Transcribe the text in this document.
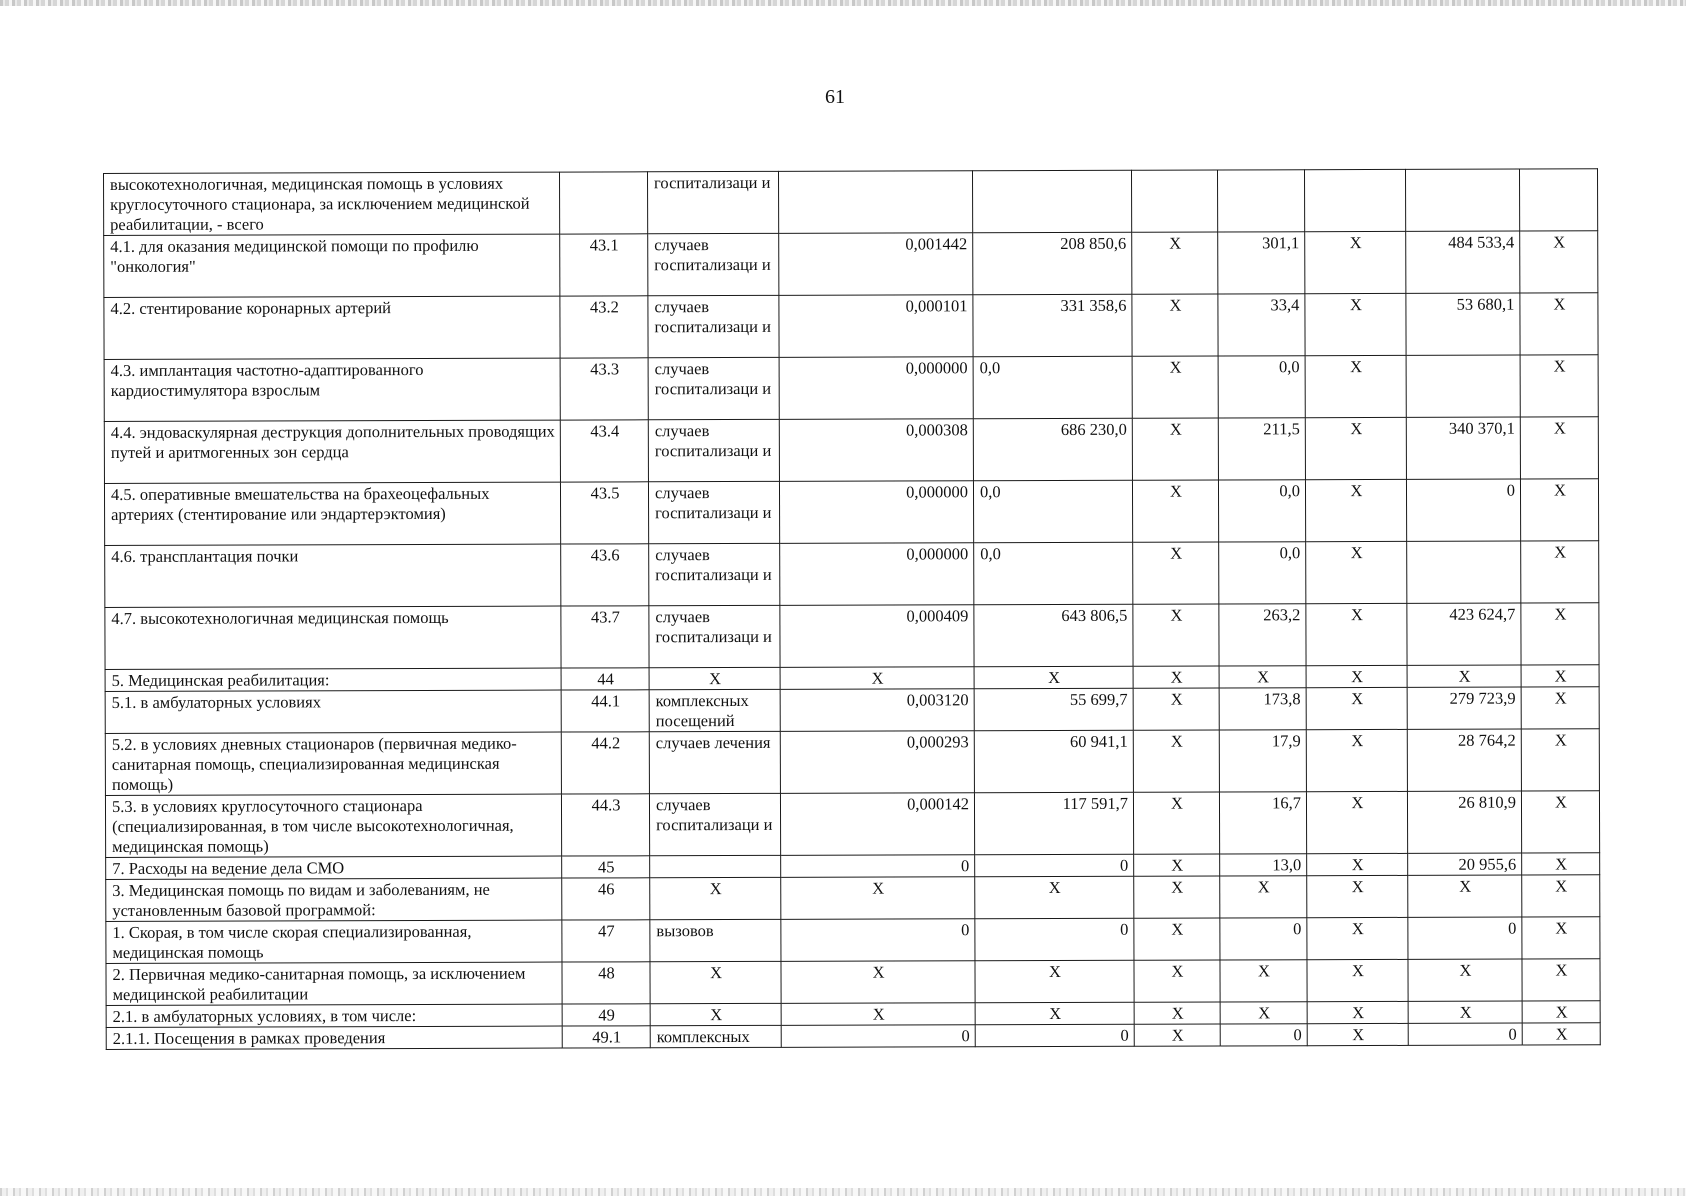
61
высокотехнологичная, медицинская помощь в условиях круглосуточного стационара, за исключением медицинской реабилитации, - всего		госпитализаци и							
4.1. для оказания медицинской помощи по профилю "онкология"	43.1	случаев госпитализаци и	0,001442	208 850,6	X	301,1	X	484 533,4	X
4.2. стентирование коронарных артерий	43.2	случаев госпитализаци и	0,000101	331 358,6	X	33,4	X	53 680,1	X
4.3. имплантация частотно-адаптированного кардиостимулятора взрослым	43.3	случаев госпитализаци и	0,000000	0,0	X	0,0	X		X
4.4. эндоваскулярная деструкция дополнительных проводящих путей и аритмогенных зон сердца	43.4	случаев госпитализаци и	0,000308	686 230,0	X	211,5	X	340 370,1	X
4.5. оперативные вмешательства на брахеоцефальных артериях (стентирование или эндартерэктомия)	43.5	случаев госпитализаци и	0,000000	0,0	X	0,0	X	0	X
4.6. трансплантация почки	43.6	случаев госпитализаци и	0,000000	0,0	X	0,0	X		X
4.7. высокотехнологичная медицинская помощь	43.7	случаев госпитализаци и	0,000409	643 806,5	X	263,2	X	423 624,7	X
5. Медицинская реабилитация:	44	X	X	X	X	X	X	X	X
5.1. в амбулаторных условиях	44.1	комплексных посещений	0,003120	55 699,7	X	173,8	X	279 723,9	X
5.2. в условиях дневных стационаров (первичная медико-санитарная помощь, специализированная медицинская помощь)	44.2	случаев лечения	0,000293	60 941,1	X	17,9	X	28 764,2	X
5.3. в условиях круглосуточного стационара (специализированная, в том числе высокотехнологичная, медицинская помощь)	44.3	случаев госпитализаци и	0,000142	117 591,7	X	16,7	X	26 810,9	X
7. Расходы на ведение дела СМО	45		0	0	X	13,0	X	20 955,6	X
3. Медицинская помощь по видам и заболеваниям, не установленным базовой программой:	46	X	X	X	X	X	X	X	X
1. Скорая, в том числе скорая специализированная, медицинская помощь	47	вызовов	0	0	X	0	X	0	X
2. Первичная медико-санитарная помощь, за исключением медицинской реабилитации	48	X	X	X	X	X	X	X	X
2.1. в амбулаторных условиях, в том числе:	49	X	X	X	X	X	X	X	X
2.1.1. Посещения в рамках проведения	49.1	комплексных	0	0	X	0	X	0	X
